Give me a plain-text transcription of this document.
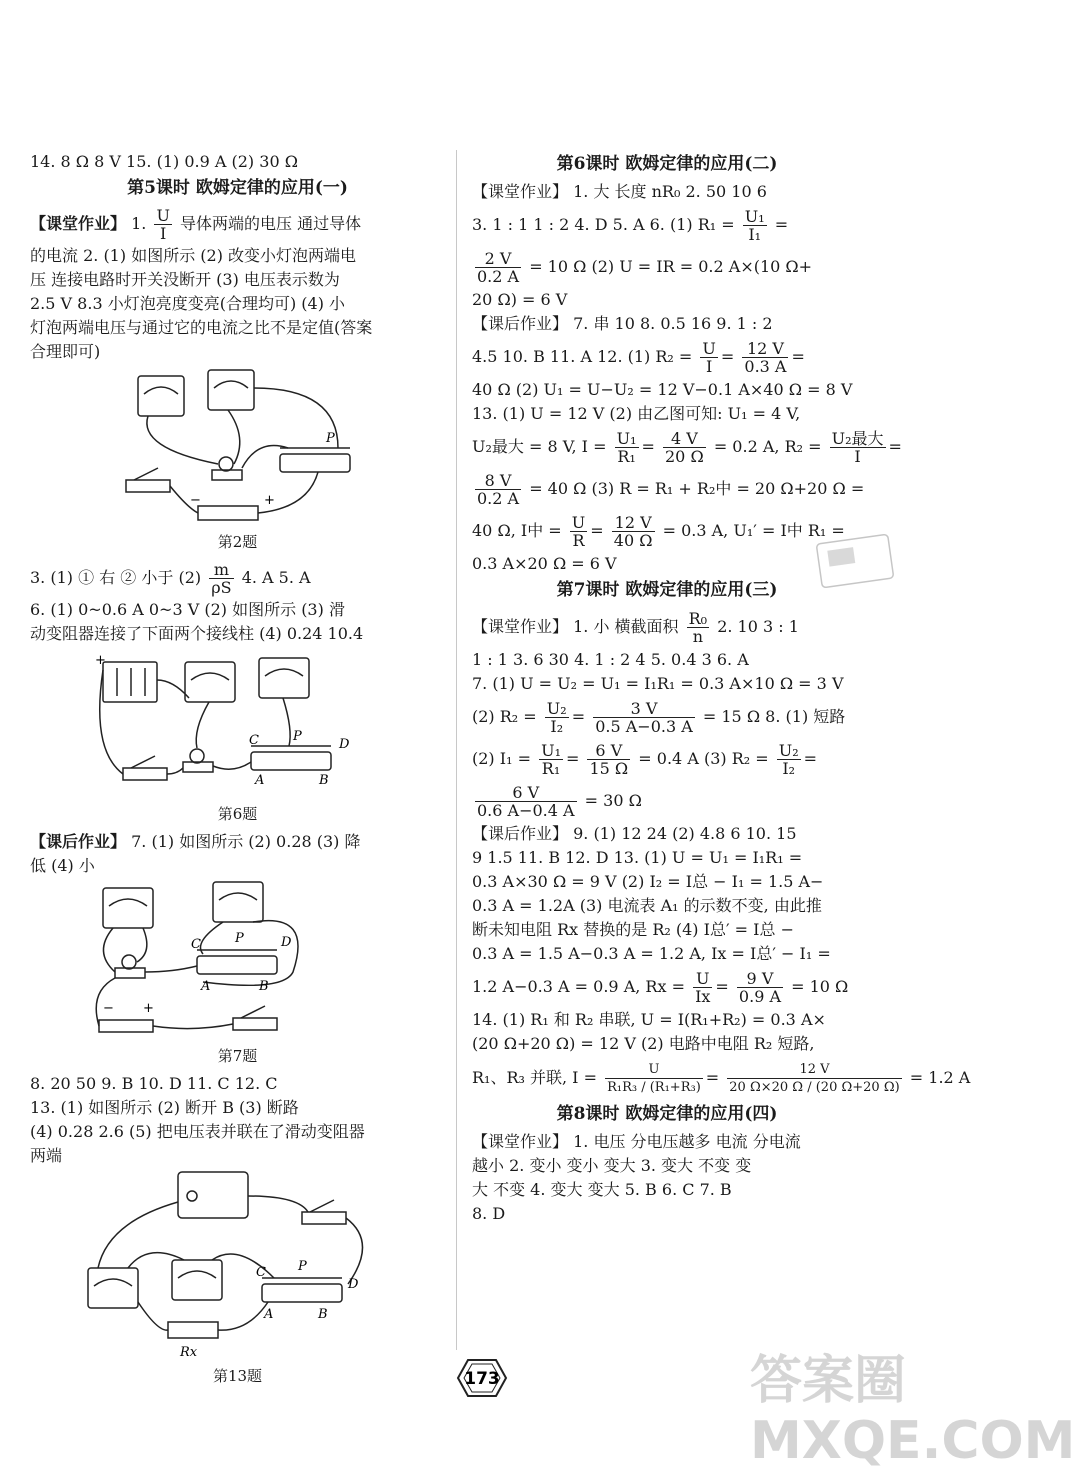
14. 8 Ω 8 V 15. (1) 0.9 A (2) 30 Ω
第5课时 欧姆定律的应用(一)
【课堂作业】 1. $\frac{U}{I}$ 导体两端的电压 通过导体
的电流 2. (1) 如图所示 (2) 改变小灯泡两端电
压 连接电路时开关没断开 (3) 电压表示数为
2.5 V 8.3 小灯泡亮度变亮(合理均可) (4) 小
灯泡两端电压与通过它的电流之比不是定值(答案
合理即可)
P
−	+
第2题
3. (1) ① 右 ② 小于 $(2) \frac{m}{\rho S} 4$. A 5. A
6. (1) 0~0.6 A 0~3 V (2) 如图所示 (3) 滑
动变阻器连接了下面两个接线柱 (4) 0.24 10.4
+
C	P
D
A	B
第6题
【课后作业】 7. (1) 如图所示 (2) 0.28 (3) 降
低 (4) 小
C	P	D
A	B
− +
第7题
8. 20 50 9. B 10. D 11. C 12. C
13. (1) 如图所示 (2) 断开 B (3) 断路
(4) 0.28 2.6 (5) 把电压表并联在了滑动变阻器
两端
C P
D
A	B
Rx
第13题
第6课时 欧姆定律的应用(二)
【课堂作业】 1. 大 长度 nR₀ 2. 50 10 6
3. 1 : 1 1 : 2 4. D 5. A 6. (1) $R_1 = \frac{\text{U₁}}{\text{I₁}}$ =
$\frac{2 V}{0.2 A} = 10$ Ω (2) U = IR = 0.2 A×(10 Ω+
20 Ω) = 6 V
【课后作业】 7. 串 10 8. 0.5 16 9. 1 : 2
4.5 10. B 11. A 12. (1) $R_2 = \frac{U}{I} = \frac{12 V}{0.3 A}$ =
40 Ω (2) U₁ = U−U₂ = 12 V−0.1 A×40 Ω = 8 V
13. (1) U = 12 V (2) 由乙图可知: U₁ = 4 V,
U₂最大 = 8 V, $I = \frac{\text{U₁}}{\text{R₁}} = \frac{4 V}{20 \Omega} = 0.2$ A, $R_2 = \frac{\text{U₂最大}}{I}$ =
$\frac{8 V}{0.2 A} = 40$ Ω (3) R = R₁ + R₂中 = 20 Ω+20 Ω =
40 Ω, I中 = $\frac{U}{R} = \frac{12 V}{40 \Omega} = 0.3$ A, U₁′ = I中 R₁ =
0.3 A×20 Ω = 6 V
第7课时 欧姆定律的应用(三)
【课堂作业】 1. 小 横截面积 $\frac{\text{R₀}}{n} 2$. 10 3 : 1
1 : 1 3. 6 30 4. 1 : 2 4 5. 0.4 3 6. A
7. (1) U = U₂ = U₁ = I₁R₁ = 0.3 A×10 Ω = 3 V
(2) $R_2 = \frac{\text{U₂}}{\text{I₂}} = \frac{3 V}{0.5 A-0.3 A} = 15$ Ω 8. (1) 短路
(2) $I_1 = \frac{\text{U₁}}{\text{R₁}} = \frac{6 V}{15 \Omega} = 0.4$ A (3) $R_2 = \frac{\text{U₂}}{\text{I₂}}$ =
$\frac{6 V}{0.6 A-0.4 A} = 30$ Ω
【课后作业】 9. (1) 12 24 (2) 4.8 6 10. 15
9 1.5 11. B 12. D 13. (1) U = U₁ = I₁R₁ =
0.3 A×30 Ω = 9 V (2) I₂ = I总 − I₁ = 1.5 A−
0.3 A = 1.2A (3) 电流表 A₁ 的示数不变, 由此推
断未知电阻 Rx 替换的是 R₂ (4) I总′ = I总 −
0.3 A = 1.5 A−0.3 A = 1.2 A, Ix = I总′ − I₁ =
1.2 A−0.3 A = 0.9 A, $Rx = \frac{U}{Ix} = \frac{9 V}{0.9 A} = 10$ Ω
14. (1) R₁ 和 R₂ 串联, U = I(R₁+R₂) = 0.3 A×
(20 Ω+20 Ω) = 12 V (2) 电路中电阻 R₂ 短路,
R₁、R₃ 并联, $I = \frac{U}{\text{R₁R₃ / (R₁+R₃)}} = \frac{12 V}{20 \Omega\times 20 \Omega / (20 \Omega+20 \Omega)} = 1.2$ A
第8课时 欧姆定律的应用(四)
【课堂作业】 1. 电压 分电压越多 电流 分电流
越小 2. 变小 变小 变大 3. 变大 不变 变
大 不变 4. 变大 变大 5. B 6. C 7. B
8. D
173	答案圈 MXQE.COM
